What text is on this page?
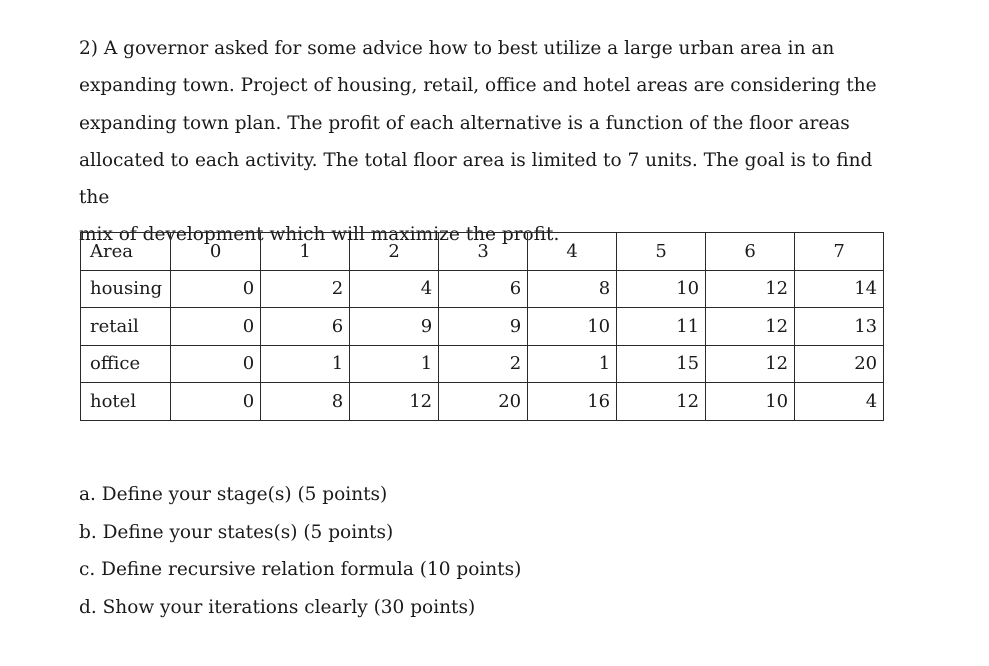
2) A governor asked for some advice how to best utilize a large urban area in an

expanding town. Project of housing, retail, office and hotel areas are considering the

expanding town plan. The profit of each alternative is a function of the floor areas

allocated to each activity. The total floor area is limited to 7 units. The goal is to find the

mix of development which will maximize the profit.

Area	0	1	2	3	4	5	6	7
housing	0	2	4	6	8	10	12	14
retail	0	6	9	9	10	11	12	13
office	0	1	1	2	1	15	12	20
hotel	0	8	12	20	16	12	10	4
a. Define your stage(s) (5 points)
b. Define your states(s) (5 points)
c. Define recursive relation formula (10 points)
d. Show your iterations clearly (30 points)
